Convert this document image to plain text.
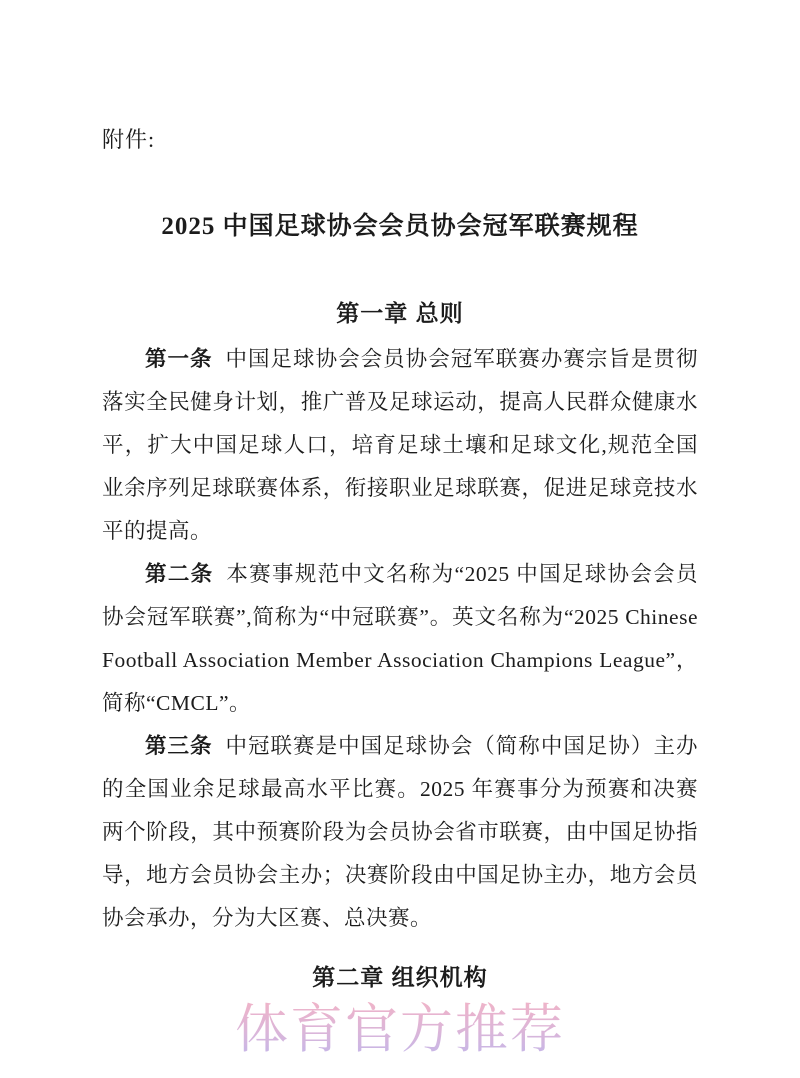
附件:
2025 中国足球协会会员协会冠军联赛规程
第一章 总则

第一条 中国足球协会会员协会冠军联赛办赛宗旨是贯彻落实全民健身计划，推广普及足球运动，提高人民群众健康水平，扩大中国足球人口，培育足球土壤和足球文化,规范全国业余序列足球联赛体系，衔接职业足球联赛，促进足球竞技水平的提高。

第二条 本赛事规范中文名称为“2025 中国足球协会会员协会冠军联赛”,简称为“中冠联赛”。英文名称为“2025 Chinese Football Association Member Association Champions League”，简称“CMCL”。

第三条 中冠联赛是中国足球协会（简称中国足协）主办的全国业余足球最高水平比赛。2025 年赛事分为预赛和决赛两个阶段，其中预赛阶段为会员协会省市联赛，由中国足协指导，地方会员协会主办；决赛阶段由中国足协主办，地方会员协会承办，分为大区赛、总决赛。

第二章 组织机构
体育官方推荐
